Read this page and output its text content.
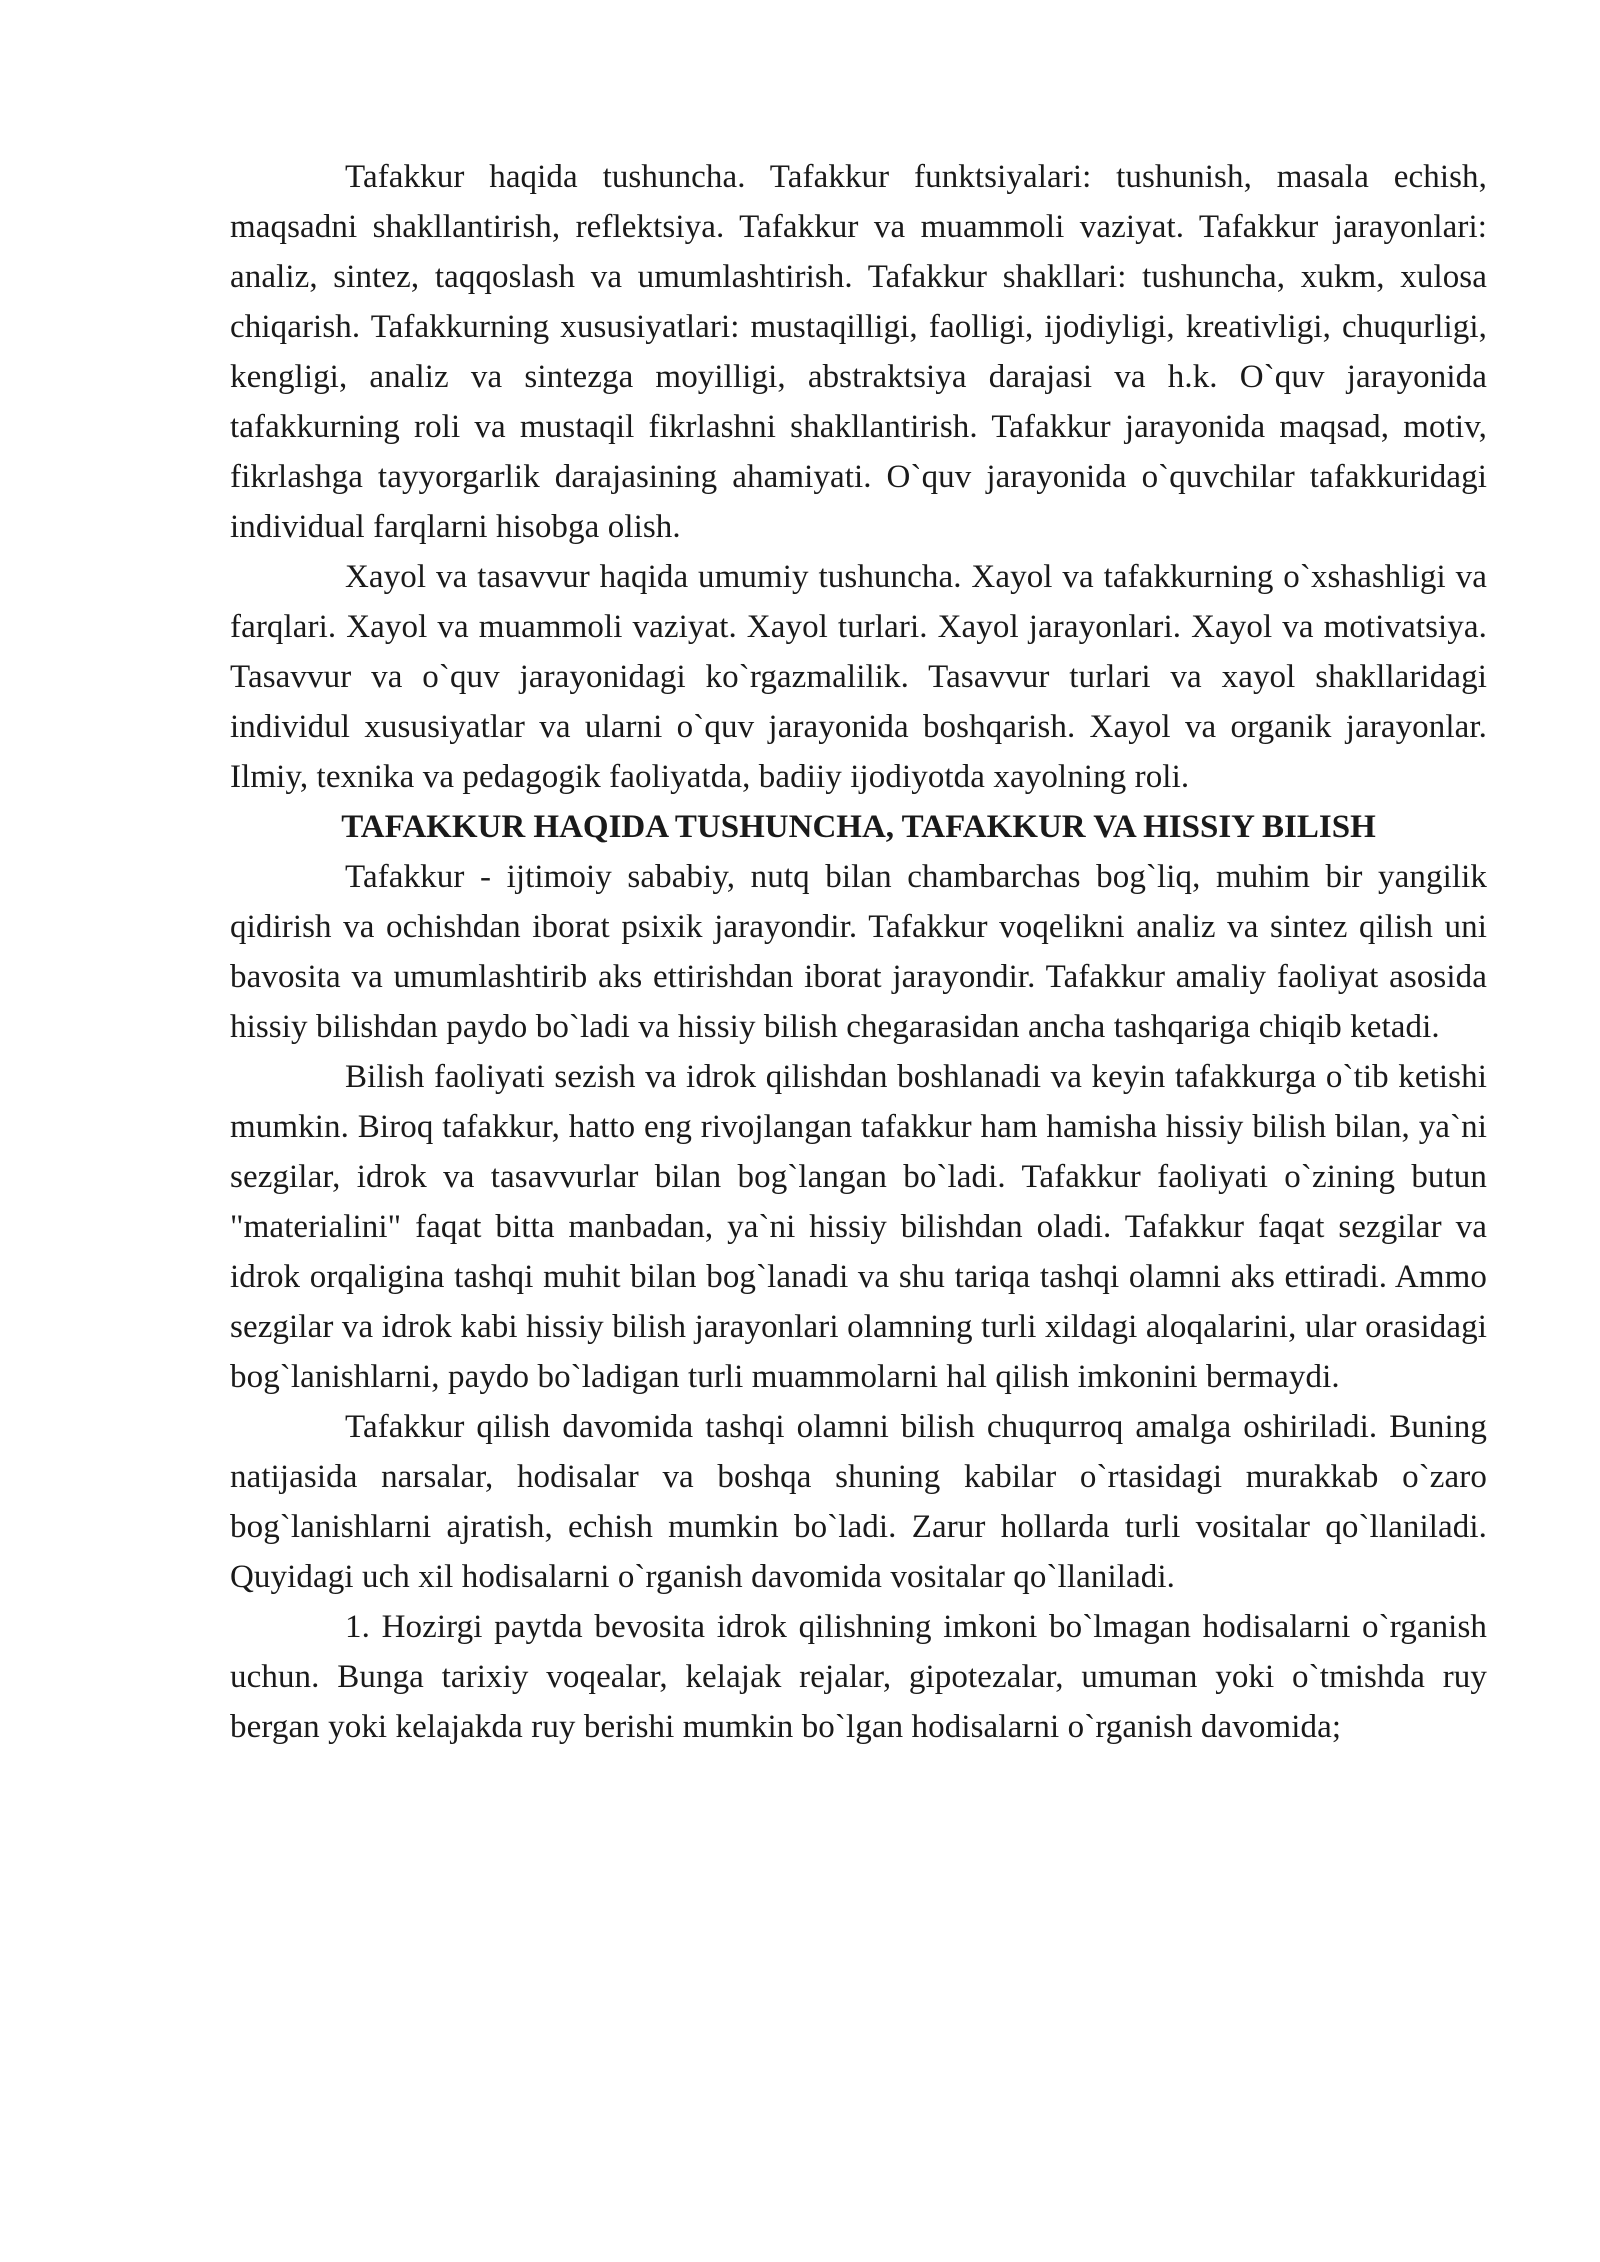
Tafakkur haqida tushuncha. Tafakkur funktsiyalari: tushunish, masala echish, maqsadni shakllantirish, reflektsiya. Tafakkur va muammoli vaziyat. Tafakkur jarayonlari: analiz, sintez, taqqoslash va umumlashtirish. Tafakkur shakllari: tushuncha, xukm, xulosa chiqarish. Tafakkurning xususiyatlari: mustaqilligi, faolligi, ijodiyligi, kreativligi, chuqurligi, kengligi, analiz va sintezga moyilligi, abstraktsiya darajasi va h.k. O`quv jarayonida tafakkurning roli va mustaqil fikrlashni shakllantirish. Tafakkur jarayonida maqsad, motiv, fikrlashga tayyorgarlik darajasining ahamiyati. O`quv jarayonida o`quvchilar tafakkuridagi individual farqlarni hisobga olish.

Xayol va tasavvur haqida umumiy tushuncha. Xayol va tafakkurning o`xshashligi va farqlari. Xayol va muammoli vaziyat. Xayol turlari. Xayol jarayonlari. Xayol va motivatsiya. Tasavvur va o`quv jarayonidagi ko`rgazmalilik. Tasavvur turlari va xayol shakllaridagi individul xususiyatlar va ularni o`quv jarayonida boshqarish. Xayol va organik jarayonlar. Ilmiy, texnika va pedagogik faoliyatda, badiiy ijodiyotda xayolning roli.

TAFAKKUR HAQIDA TUSHUNCHA, TAFAKKUR VA HISSIY BILISH

Tafakkur - ijtimoiy sababiy, nutq bilan chambarchas bog`liq, muhim bir yangilik qidirish va ochishdan iborat psixik jarayondir. Tafakkur voqelikni analiz va sintez qilish uni bavosita va umumlashtirib aks ettirishdan iborat jarayondir. Tafakkur amaliy faoliyat asosida hissiy bilishdan paydo bo`ladi va hissiy bilish chegarasidan ancha tashqariga chiqib ketadi.

Bilish faoliyati sezish va idrok qilishdan boshlanadi va keyin tafakkurga o`tib ketishi mumkin. Biroq tafakkur, hatto eng rivojlangan tafakkur ham hamisha hissiy bilish bilan, ya`ni sezgilar, idrok va tasavvurlar bilan bog`langan bo`ladi. Tafakkur faoliyati o`zining butun "materialini" faqat bitta manbadan, ya`ni hissiy bilishdan oladi. Tafakkur faqat sezgilar va idrok orqaligina tashqi muhit bilan bog`lanadi va shu tariqa tashqi olamni aks ettiradi. Ammo sezgilar va idrok kabi hissiy bilish jarayonlari olamning turli xildagi aloqalarini, ular orasidagi bog`lanishlarni, paydo bo`ladigan turli muammolarni hal qilish imkonini bermaydi.

Tafakkur qilish davomida tashqi olamni bilish chuqurroq amalga oshiriladi. Buning natijasida narsalar, hodisalar va boshqa shuning kabilar o`rtasidagi murakkab o`zaro bog`lanishlarni ajratish, echish mumkin bo`ladi. Zarur hollarda turli vositalar qo`llaniladi. Quyidagi uch xil hodisalarni o`rganish davomida vositalar qo`llaniladi.

1. Hozirgi paytda bevosita idrok qilishning imkoni bo`lmagan hodisalarni o`rganish uchun. Bunga tarixiy voqealar, kelajak rejalar, gipotezalar, umuman yoki o`tmishda ruy bergan yoki kelajakda ruy berishi mumkin bo`lgan hodisalarni o`rganish davomida;
